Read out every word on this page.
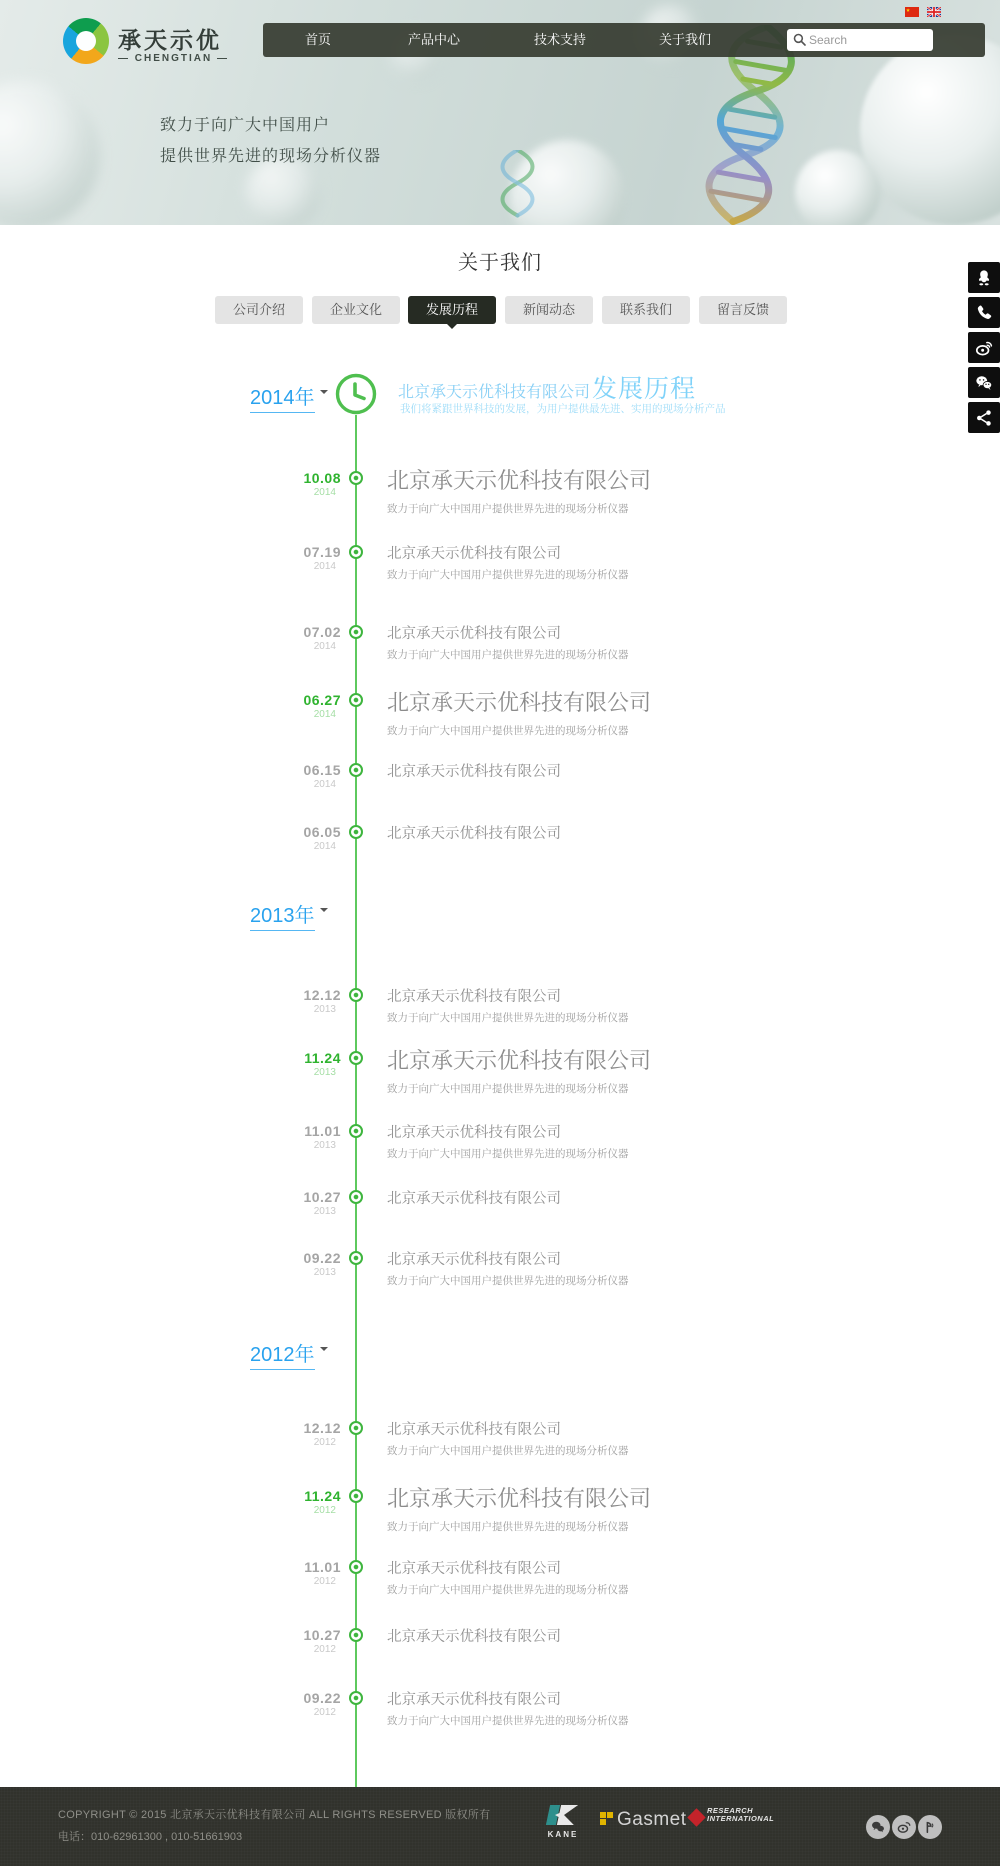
承天示优
— CHENGTIAN —
首页	产品中心	技术支持	关于我们
Search
致力于向广大中国用户
提供世界先进的现场分析仪器
关于我们
公司介绍	企业文化	发展历程	新闻动态	联系我们	留言反馈
2014年	北京承天示优科技有限公司 发展历程
我们将紧跟世界科技的发展，为用户提供最先进、实用的现场分析产品
10.08
2014 北京承天示优科技有限公司
致力于向广大中国用户提供世界先进的现场分析仪器
07.19
2014
北京承天示优科技有限公司
致力于向广大中国用户提供世界先进的现场分析仪器
07.02
2014
北京承天示优科技有限公司
致力于向广大中国用户提供世界先进的现场分析仪器
06.27
2014 北京承天示优科技有限公司
致力于向广大中国用户提供世界先进的现场分析仪器
06.15
2014
北京承天示优科技有限公司
06.05
2014
北京承天示优科技有限公司
2013年
12.12
2013
北京承天示优科技有限公司
致力于向广大中国用户提供世界先进的现场分析仪器
11.24
2013 北京承天示优科技有限公司
致力于向广大中国用户提供世界先进的现场分析仪器
11.01
2013
北京承天示优科技有限公司
致力于向广大中国用户提供世界先进的现场分析仪器
10.27
2013
北京承天示优科技有限公司
09.22
2013
北京承天示优科技有限公司
致力于向广大中国用户提供世界先进的现场分析仪器
2012年
12.12
2012
北京承天示优科技有限公司
致力于向广大中国用户提供世界先进的现场分析仪器
11.24
2012 北京承天示优科技有限公司
致力于向广大中国用户提供世界先进的现场分析仪器
11.01
2012
北京承天示优科技有限公司
致力于向广大中国用户提供世界先进的现场分析仪器
10.27
2012
北京承天示优科技有限公司
09.22
2012
北京承天示优科技有限公司
致力于向广大中国用户提供世界先进的现场分析仪器
COPYRIGHT © 2015 北京承天示优科技有限公司 ALL RIGHTS RESERVED 版权所有
电话：010-62961300 , 010-51661903	KANE
Gasmet	RESEARCH
INTERNATIONAL
